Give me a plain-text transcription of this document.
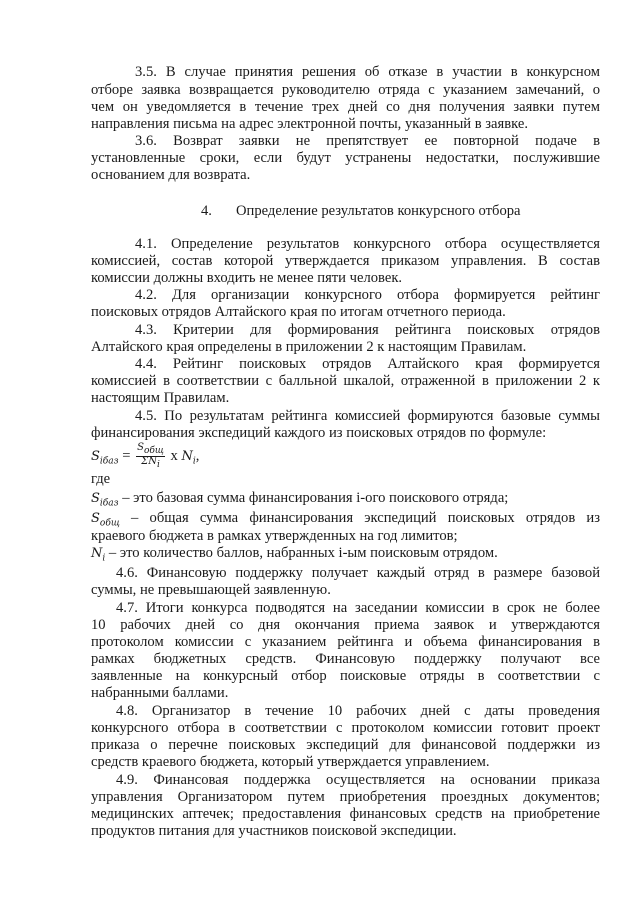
3.5. В случае принятия решения об отказе в участии в конкурсном
отборе заявка возвращается руководителю отряда с указанием замечаний, о
чем он уведомляется в течение трех дней со дня получения заявки путем
направления письма на адрес электронной почты, указанный в заявке.
3.6. Возврат заявки не препятствует ее повторной подаче в
установленные сроки, если будут устранены недостатки, послужившие
основанием для возврата.
4. Определение результатов конкурсного отбора
4.1. Определение результатов конкурсного отбора осуществляется
комиссией, состав которой утверждается приказом управления. В состав
комиссии должны входить не менее пяти человек.
4.2. Для организации конкурсного отбора формируется рейтинг
поисковых отрядов Алтайского края по итогам отчетного периода.
4.3. Критерии для формирования рейтинга поисковых отрядов
Алтайского края определены в приложении 2 к настоящим Правилам.
4.4. Рейтинг поисковых отрядов Алтайского края формируется
комиссией в соответствии с балльной шкалой, отраженной в приложении 2 к
настоящим Правилам.
4.5. По результатам рейтинга комиссией формируются базовые суммы
финансирования экспедиций каждого из поисковых отрядов по формуле:
$S_{iбаз} = \frac{S_{общ}}{\Sigma N_i}$ x $N_i$,
где
$S_{iбаз}$ – это базовая сумма финансирования i-ого поискового отряда;
$S_{общ}$ – общая сумма финансирования экспедиций поисковых отрядов из
краевого бюджета в рамках утвержденных на год лимитов;
$N_i$ – это количество баллов, набранных i-ым поисковым отрядом.
4.6. Финансовую поддержку получает каждый отряд в размере базовой
суммы, не превышающей заявленную.
4.7. Итоги конкурса подводятся на заседании комиссии в срок не более
10 рабочих дней со дня окончания приема заявок и утверждаются
протоколом комиссии с указанием рейтинга и объема финансирования в
рамках бюджетных средств. Финансовую поддержку получают все
заявленные на конкурсный отбор поисковые отряды в соответствии с
набранными баллами.
4.8. Организатор в течение 10 рабочих дней с даты проведения
конкурсного отбора в соответствии с протоколом комиссии готовит проект
приказа о перечне поисковых экспедиций для финансовой поддержки из
средств краевого бюджета, который утверждается управлением.
4.9. Финансовая поддержка осуществляется на основании приказа
управления Организатором путем приобретения проездных документов;
медицинских аптечек; предоставления финансовых средств на приобретение
продуктов питания для участников поисковой экспедиции.
